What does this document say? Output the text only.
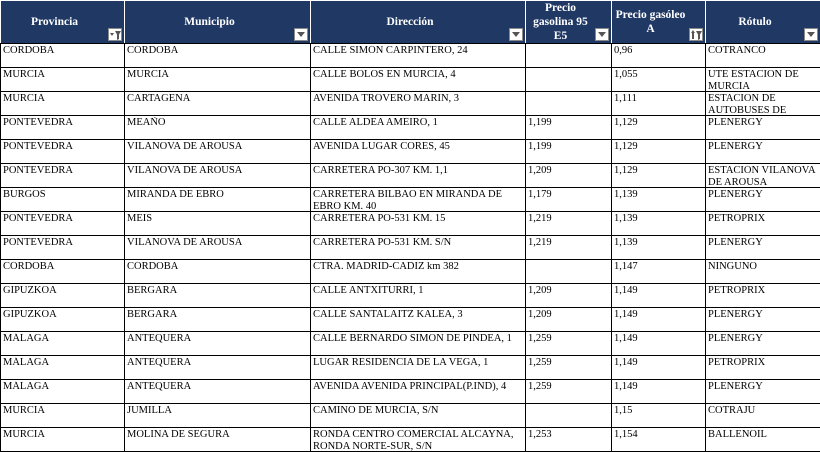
Provincia	Municipio	Dirección	Precio gasolina 95 E5	Precio gasóleo A	Rótulo

CÓRDOBA	CÓRDOBA	CALLE SIMÓN CARPINTERO, 24		0,96	COTRANCO

MURCIA	MURCIA	CALLE BOLOS EN MURCIA, 4		1,055	UTE ESTACION DE MURCIA

MURCIA	CARTAGENA	AVENIDA TROVERO MARIN, 3		1,111	ESTACION DE AUTOBUSES DE

PONTEVEDRA	MEAÑO	CALLE ALDEA AMEIRO, 1	1,199	1,129	PLENERGY

PONTEVEDRA	VILANOVA DE AROUSA	AVENIDA LUGAR CORES, 45	1,199	1,129	PLENERGY

PONTEVEDRA	VILANOVA DE AROUSA	CARRETERA PO-307 KM. 1,1	1,209	1,129	ESTACIÓN VILANOVA DE AROUSA

BURGOS	MIRANDA DE EBRO	CARRETERA BILBAO EN MIRANDA DE EBRO KM. 40	1,179	1,139	PLENERGY

PONTEVEDRA	MEIS	CARRETERA PO-531 KM. 15	1,219	1,139	PETROPRIX

PONTEVEDRA	VILANOVA DE AROUSA	CARRETERA PO-531 KM. S/N	1,219	1,139	PLENERGY

CÓRDOBA	CÓRDOBA	CTRA. MADRID-CADIZ km 382		1,147	NINGUNO

GIPUZKOA	BERGARA	CALLE ANTXITURRI, 1	1,209	1,149	PETROPRIX

GIPUZKOA	BERGARA	CALLE SANTALAITZ KALEA, 3	1,209	1,149	PLENERGY

MÁLAGA	ANTEQUERA	CALLE BERNARDO SIMON DE PINDEA, 1	1,259	1,149	PLENERGY

MÁLAGA	ANTEQUERA	LUGAR RESIDENCIA DE LA VEGA, 1	1,259	1,149	PETROPRIX

MÁLAGA	ANTEQUERA	AVENIDA AVENIDA PRINCIPAL(P.IND), 4	1,259	1,149	PLENERGY

MURCIA	JUMILLA	CAMINO DE MURCIA, S/N		1,15	COTRAJU

MURCIA	MOLINA DE SEGURA	RONDA CENTRO COMERCIAL ALCAYNA, RONDA NORTE-SUR, S/N	1,253	1,154	BALLENOIL
